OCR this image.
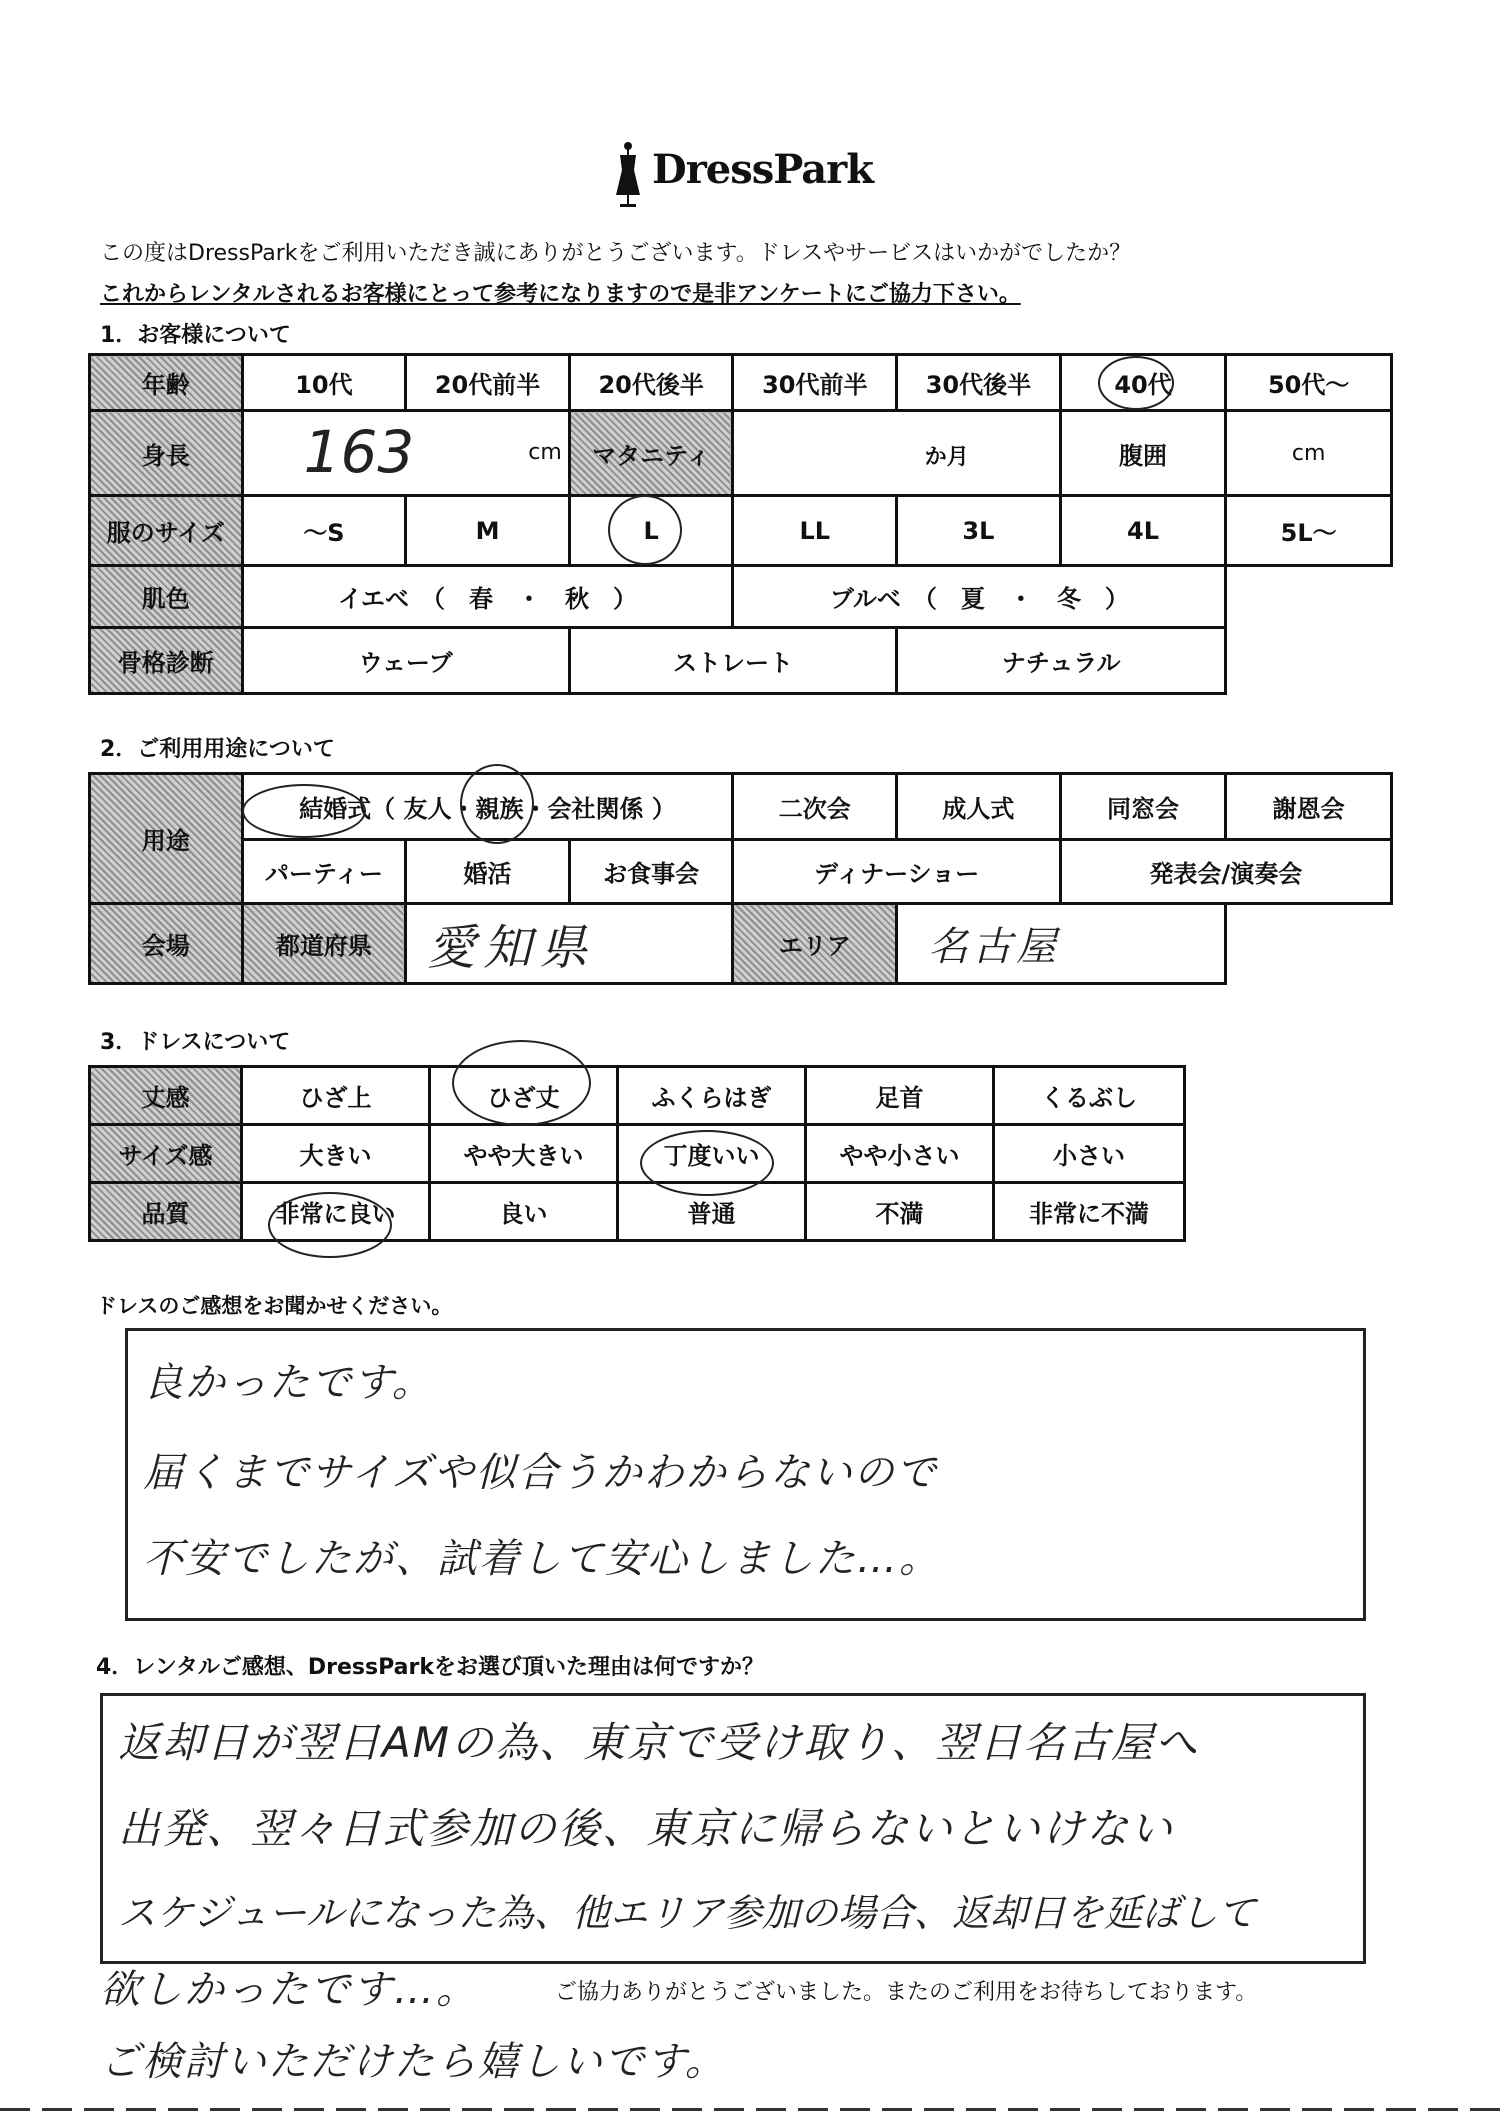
DressPark
この度はDressParkをご利用いただき誠にありがとうございます。ドレスやサービスはいかがでしたか？
これからレンタルされるお客様にとって参考になりますので是非アンケートにご協力下さい。
1．お客様について
年齢	10代	20代前半	20代後半	30代前半	30代後半	40代	50代〜
身長	163 cm		マタニティ	か月		腹囲	cm
服のサイズ	〜S	M	L	LL	3L	4L	5L〜
肌色	イエベ　（　春　・　秋　）			ブルベ　（　夏　・　冬　）			
骨格診断	ウェーブ		ストレート		ナチュラル		
2．ご利用用途について
用途	結婚式（ 友人・親族・会社関係 ）			二次会	成人式	同窓会	謝恩会
	パーティー	婚活	お食事会	ディナーショー		発表会/演奏会	
会場	都道府県	愛知県		エリア	名古屋		
3．ドレスについて
丈感	ひざ上	ひざ丈	ふくらはぎ	足首	くるぶし
サイズ感	大きい	やや大きい	丁度いい	やや小さい	小さい
品質	非常に良い	良い	普通	不満	非常に不満
ドレスのご感想をお聞かせください。
良かったです。
届くまでサイズや似合うかわからないので
不安でしたが、試着して安心しました…。
4．レンタルご感想、DressParkをお選び頂いた理由は何ですか？
返却日が翌日AMの為、東京で受け取り、翌日名古屋へ
出発、翌々日式参加の後、東京に帰らないといけない
スケジュールになった為、他エリア参加の場合、返却日を延ばして
欲しかったです…。	ご協力ありがとうございました。またのご利用をお待ちしております。
ご検討いただけたら嬉しいです。
